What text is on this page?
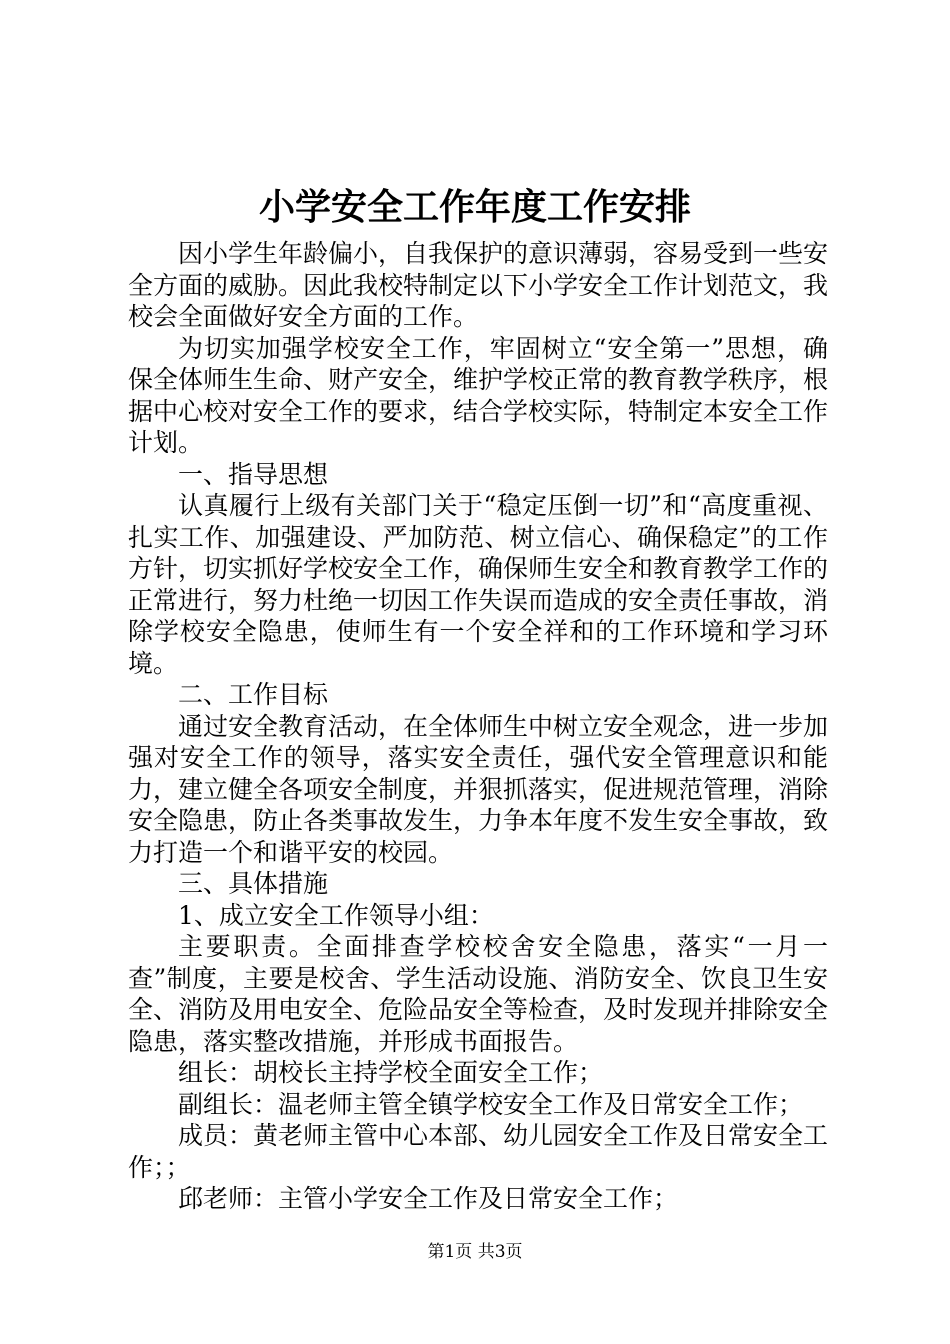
小学安全工作年度工作安排

因小学生年龄偏小，自我保护的意识薄弱，容易受到一些安全方面的威胁。因此我校特制定以下小学安全工作计划范文，我校会全面做好安全方面的工作。

为切实加强学校安全工作，牢固树立“安全第一”思想，确保全体师生生命、财产安全，维护学校正常的教育教学秩序，根据中心校对安全工作的要求，结合学校实际，特制定本安全工作计划。

一、指导思想

认真履行上级有关部门关于“稳定压倒一切”和“高度重视、扎实工作、加强建设、严加防范、树立信心、确保稳定”的工作方针，切实抓好学校安全工作，确保师生安全和教育教学工作的正常进行，努力杜绝一切因工作失误而造成的安全责任事故，消除学校安全隐患，使师生有一个安全祥和的工作环境和学习环境。

二、工作目标

通过安全教育活动，在全体师生中树立安全观念，进一步加强对安全工作的领导，落实安全责任，强代安全管理意识和能力，建立健全各项安全制度，并狠抓落实，促进规范管理，消除安全隐患，防止各类事故发生，力争本年度不发生安全事故，致力打造一个和谐平安的校园。

三、具体措施

1、成立安全工作领导小组：

主要职责。全面排查学校校舍安全隐患，落实“一月一查”制度，主要是校舍、学生活动设施、消防安全、饮良卫生安全、消防及用电安全、危险品安全等检查，及时发现并排除安全隐患，落实整改措施，并形成书面报告。

组长：胡校长主持学校全面安全工作；

副组长：温老师主管全镇学校安全工作及日常安全工作；

成员：黄老师主管中心本部、幼儿园安全工作及日常安全工作；；

邱老师：主管小学安全工作及日常安全工作；

第1页 共3页
